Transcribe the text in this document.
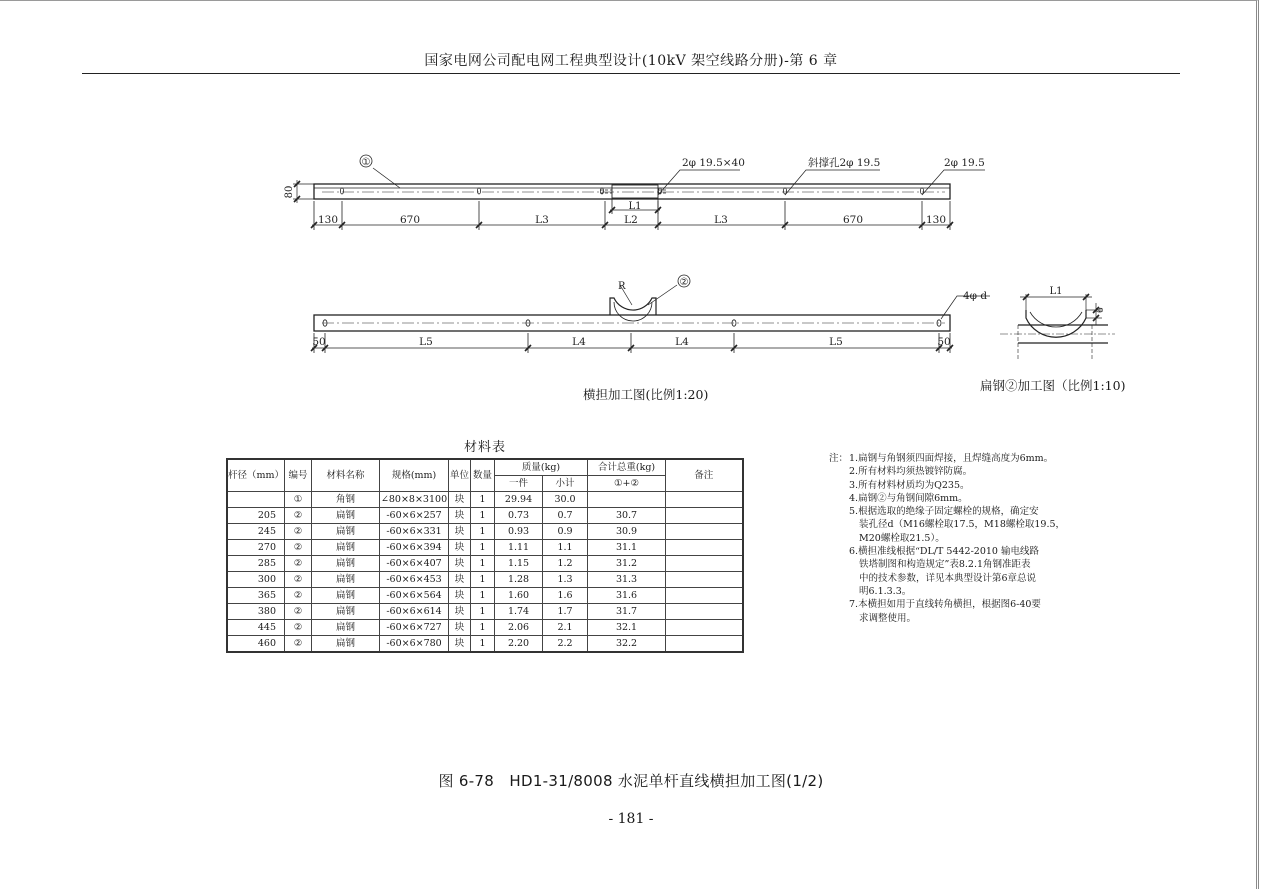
国家电网公司配电网工程典型设计(10kV 架空线路分册)-第 6 章
①
80
2φ 19.5×40	斜撑孔2φ 19.5	2φ 19.5
L1
130	670	L3	L2	L3	670	130
②
R
4φ d
50	L5	L4	L4	L5	50
L1
6
横担加工图(比例1:20)
扁钢②加工图（比例1:10)
材料表
杆径（mm）	编号	材料名称	规格(mm)	单位	数量	质量(kg)		合计总重(kg)	备注
						一件	小计	①+②	
	①	角钢	∠80×8×3100	块	1	29.94	30.0		
205	②	扁钢	-60×6×257	块	1	0.73	0.7	30.7	
245	②	扁钢	-60×6×331	块	1	0.93	0.9	30.9	
270	②	扁钢	-60×6×394	块	1	1.11	1.1	31.1	
285	②	扁钢	-60×6×407	块	1	1.15	1.2	31.2	
300	②	扁钢	-60×6×453	块	1	1.28	1.3	31.3	
365	②	扁钢	-60×6×564	块	1	1.60	1.6	31.6	
380	②	扁钢	-60×6×614	块	1	1.74	1.7	31.7	
445	②	扁钢	-60×6×727	块	1	2.06	2.1	32.1	
460	②	扁钢	-60×6×780	块	1	2.20	2.2	32.2	
注： 1.扁钢与角钢须四面焊接，且焊缝高度为6mm。
2.所有材料均须热镀锌防腐。
3.所有材料材质均为Q235。
4.扁钢②与角钢间隙6mm。
5.根据选取的绝缘子固定螺栓的规格，确定安
装孔径d（M16螺栓取17.5，M18螺栓取19.5，
M20螺栓取21.5）。
6.横担准线根据“DL/T 5442-2010 输电线路
铁塔制图和构造规定”表8.2.1角钢准距表
中的技术参数，详见本典型设计第6章总说
明6.1.3.3。
7.本横担如用于直线转角横担，根据图6-40要
求调整使用。
图 6-78　HD1-31/8008 水泥单杆直线横担加工图(1/2)
- 181 -
